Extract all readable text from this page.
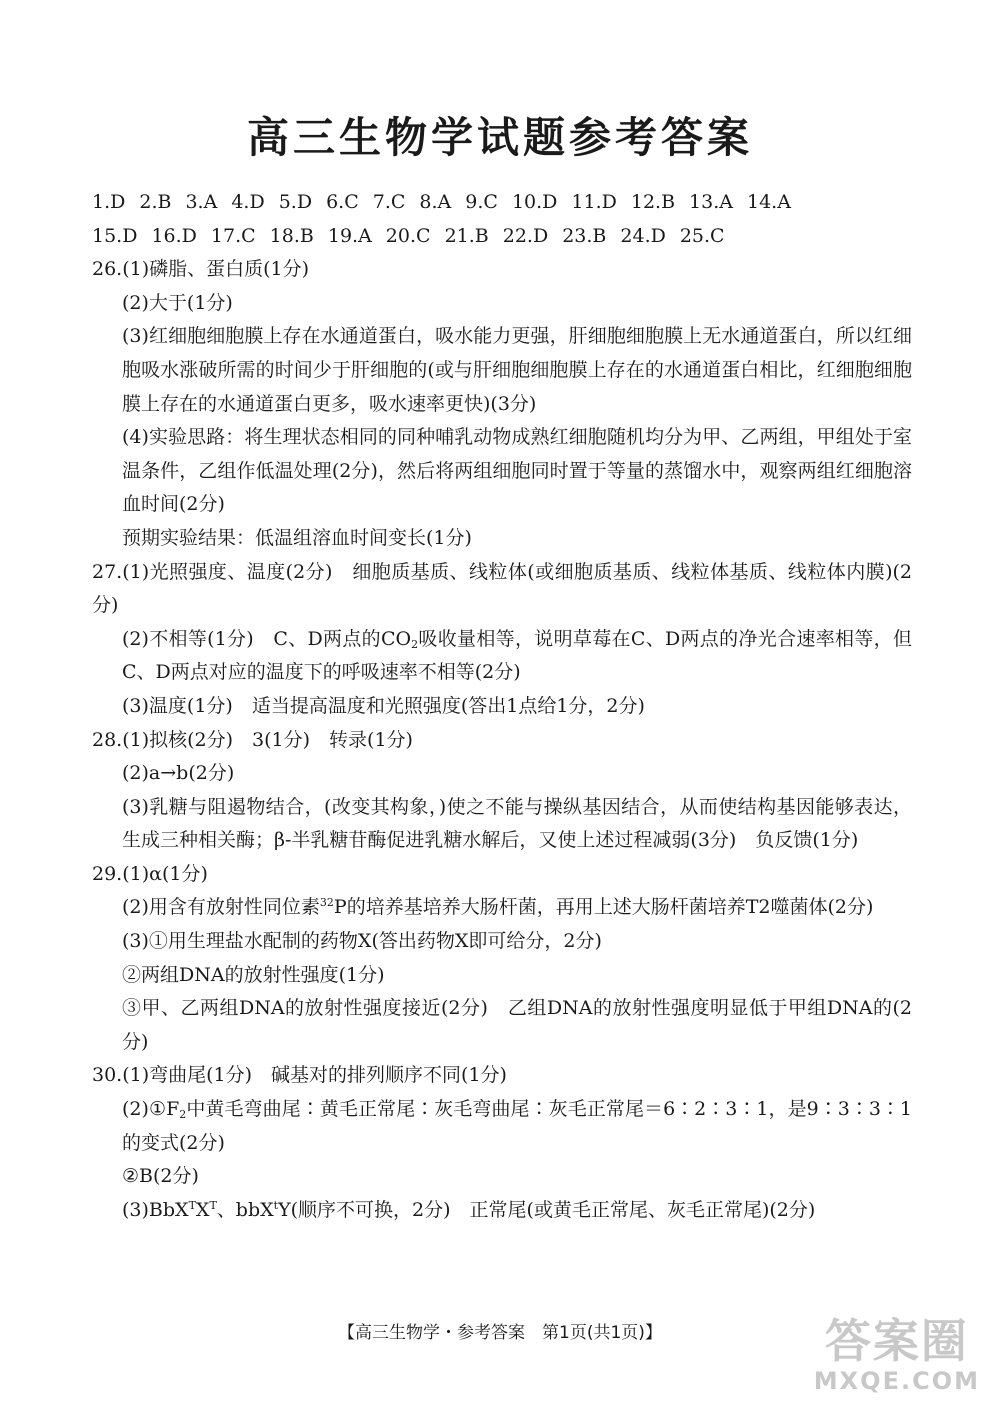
高三生物学试题参考答案

1.D 2.B 3.A 4.D 5.D 6.C 7.C 8.A 9.C 10.D 11.D 12.B 13.A 14.A

15.D 16.D 17.C 18.B 19.A 20.C 21.B 22.D 23.B 24.D 25.C

26.(1)磷脂、蛋白质(1分)

(2)大于(1分)

(3)红细胞细胞膜上存在水通道蛋白，吸水能力更强，肝细胞细胞膜上无水通道蛋白，所以红细胞吸水涨破所需的时间少于肝细胞的(或与肝细胞细胞膜上存在的水通道蛋白相比，红细胞细胞膜上存在的水通道蛋白更多，吸水速率更快)(3分)

(4)实验思路：将生理状态相同的同种哺乳动物成熟红细胞随机均分为甲、乙两组，甲组处于室温条件，乙组作低温处理(2分)，然后将两组细胞同时置于等量的蒸馏水中，观察两组红细胞溶血时间(2分)

预期实验结果：低温组溶血时间变长(1分)

27.(1)光照强度、温度(2分)　细胞质基质、线粒体(或细胞质基质、线粒体基质、线粒体内膜)(2分)

(2)不相等(1分)　C、D两点的$CO_2$吸收量相等，说明草莓在C、D两点的净光合速率相等，但C、D两点对应的温度下的呼吸速率不相等(2分)

(3)温度(1分)　适当提高温度和光照强度(答出1点给1分，2分)

28.(1)拟核(2分)　3(1分)　转录(1分)

(2)a→b(2分)

(3)乳糖与阻遏物结合，(改变其构象，)使之不能与操纵基因结合，从而使结构基因能够表达，生成三种相关酶；β-半乳糖苷酶促进乳糖水解后，又使上述过程减弱(3分)　负反馈(1分)

29.(1)α(1分)

(2)用含有放射性同位素$^{32}$P的培养基培养大肠杆菌，再用上述大肠杆菌培养T2噬菌体(2分)

(3)①用生理盐水配制的药物X(答出药物X即可给分，2分)

②两组DNA的放射性强度(1分)

③甲、乙两组DNA的放射性强度接近(2分)　乙组DNA的放射性强度明显低于甲组DNA的(2分)

30.(1)弯曲尾(1分)　碱基对的排列顺序不同(1分)

$(2)①F_2$中黄毛弯曲尾∶黄毛正常尾∶灰毛弯曲尾∶灰毛正常尾＝6∶2∶3∶1，是9∶3∶3∶1的变式(2分)

②B(2分)

$(3)BbX^TX^T$、bbX$^t$Y(顺序不可换，2分)　正常尾(或黄毛正常尾、灰毛正常尾)(2分)

【高三生物学・参考答案　第1页(共1页)】	答案圈
MXQE.COM
